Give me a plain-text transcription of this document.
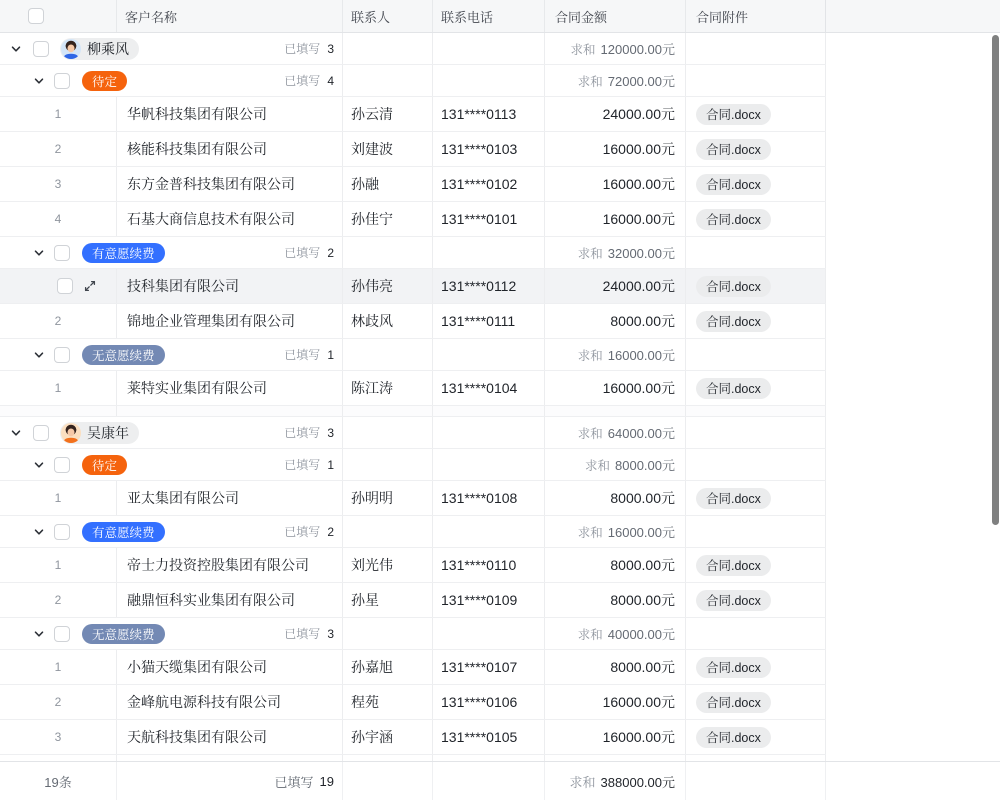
客户名称	联系人	联系电话	合同金额	合同附件
柳乘风	已填写 3	求和 120000.00元
待定	已填写 4	求和 72000.00元
1	华帆科技集团有限公司	孙云清	131****0113	24000.00元	合同.docx
2	核能科技集团有限公司	刘建波	131****0103	16000.00元	合同.docx
3	东方金普科技集团有限公司	孙融	131****0102	16000.00元	合同.docx
4	石基大商信息技术有限公司	孙佳宁	131****0101	16000.00元	合同.docx
有意愿续费	已填写 2	求和 32000.00元
技科集团有限公司	孙伟亮	131****0112	24000.00元	合同.docx
2	锦地企业管理集团有限公司	林歧风	131****0111	8000.00元	合同.docx
无意愿续费	已填写 1	求和 16000.00元
1	莱特实业集团有限公司	陈江涛	131****0104	16000.00元	合同.docx
吴康年	已填写 3	求和 64000.00元
待定	已填写 1	求和 8000.00元
1	亚太集团有限公司	孙明明	131****0108	8000.00元	合同.docx
有意愿续费	已填写 2	求和 16000.00元
1	帝士力投资控股集团有限公司	刘光伟	131****0110	8000.00元	合同.docx
2	融鼎恒科实业集团有限公司	孙星	131****0109	8000.00元	合同.docx
无意愿续费	已填写 3	求和 40000.00元
1	小猫天缆集团有限公司	孙嘉旭	131****0107	8000.00元	合同.docx
2	金峰航电源科技有限公司	程苑	131****0106	16000.00元	合同.docx
3	天航科技集团有限公司	孙宇涵	131****0105	16000.00元	合同.docx
19条	已填写 19	求和 388000.00元
